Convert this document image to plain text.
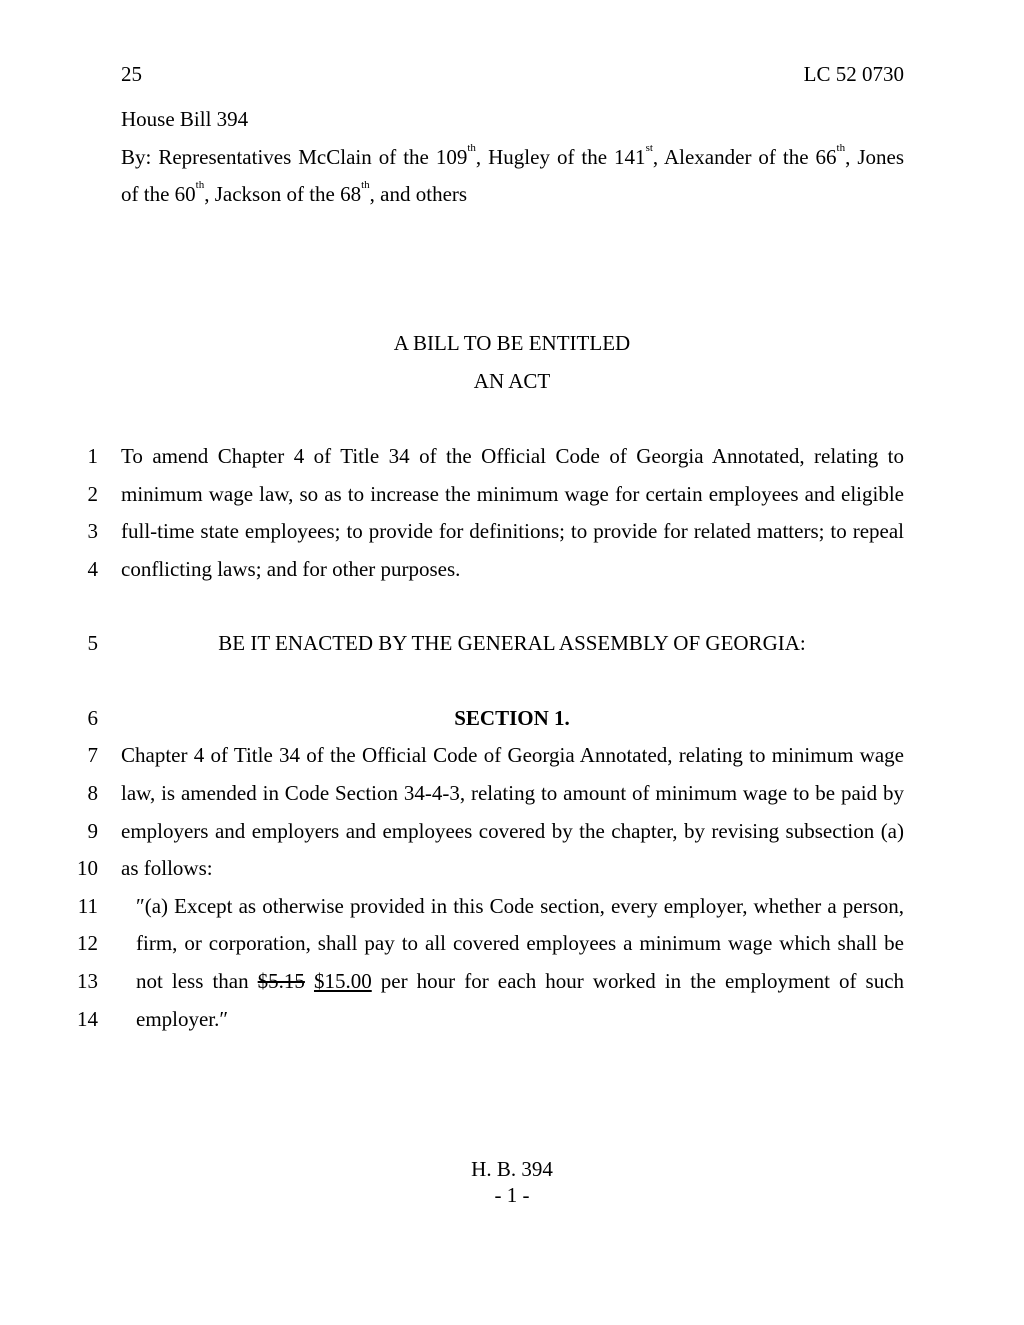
25	LC 52 0730
House Bill 394
By: Representatives McClain of the 109th, Hugley of the 141st, Alexander of the 66th, Jones
of the 60th, Jackson of the 68th, and others
A BILL TO BE ENTITLED
AN ACT
1 To amend Chapter 4 of Title 34 of the Official Code of Georgia Annotated, relating to
2 minimum wage law, so as to increase the minimum wage for certain employees and eligible
3 full-time state employees; to provide for definitions; to provide for related matters; to repeal
4 conflicting laws; and for other purposes.
5	BE IT ENACTED BY THE GENERAL ASSEMBLY OF GEORGIA:
6	SECTION 1.
7 Chapter 4 of Title 34 of the Official Code of Georgia Annotated, relating to minimum wage
8 law, is amended in Code Section 34-4-3, relating to amount of minimum wage to be paid by
9 employers and employers and employees covered by the chapter, by revising subsection (a)
10 as follows:
11 ″(a) Except as otherwise provided in this Code section, every employer, whether a person,
12 firm, or corporation, shall pay to all covered employees a minimum wage which shall be
13 not less than $5.15 $15.00 per hour for each hour worked in the employment of such
14 employer.″
H. B. 394
- 1 -
